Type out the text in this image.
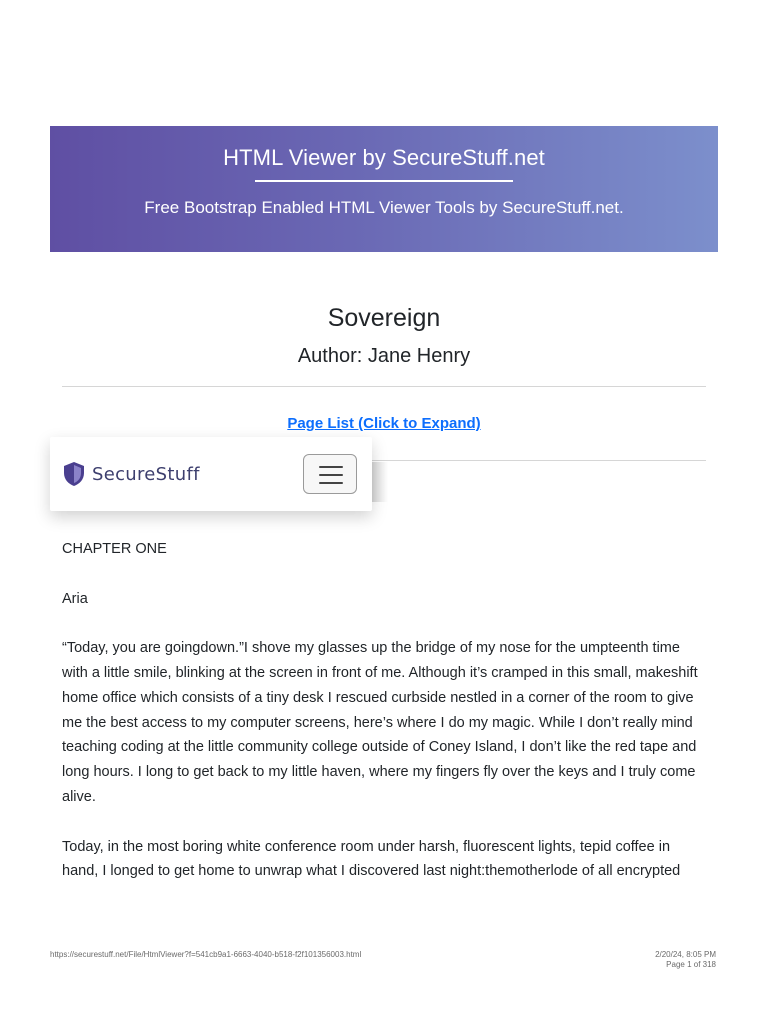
HTML Viewer by SecureStuff.net
Free Bootstrap Enabled HTML Viewer Tools by SecureStuff.net.
Sovereign
Author: Jane Henry
Page List (Click to Expand)
SecureStuff

CHAPTER ONE

Aria

“Today, you are goingdown.”I shove my glasses up the bridge of my nose for the umpteenth time with a little smile, blinking at the screen in front of me. Although it’s cramped in this small, makeshift home office which consists of a tiny desk I rescued curbside nestled in a corner of the room to give me the best access to my computer screens, here’s where I do my magic. While I don’t really mind teaching coding at the little community college outside of Coney Island, I don’t like the red tape and long hours. I long to get back to my little haven, where my fingers fly over the keys and I truly come alive.

Today, in the most boring white conference room under harsh, fluorescent lights, tepid coffee in hand, I longed to get home to unwrap what I discovered last night:themotherlode of all encrypted

https://securestuff.net/File/HtmlViewer?f=541cb9a1-6663-4040-b518-f2f101356003.html	2/20/24, 8:05 PM
Page 1 of 318
